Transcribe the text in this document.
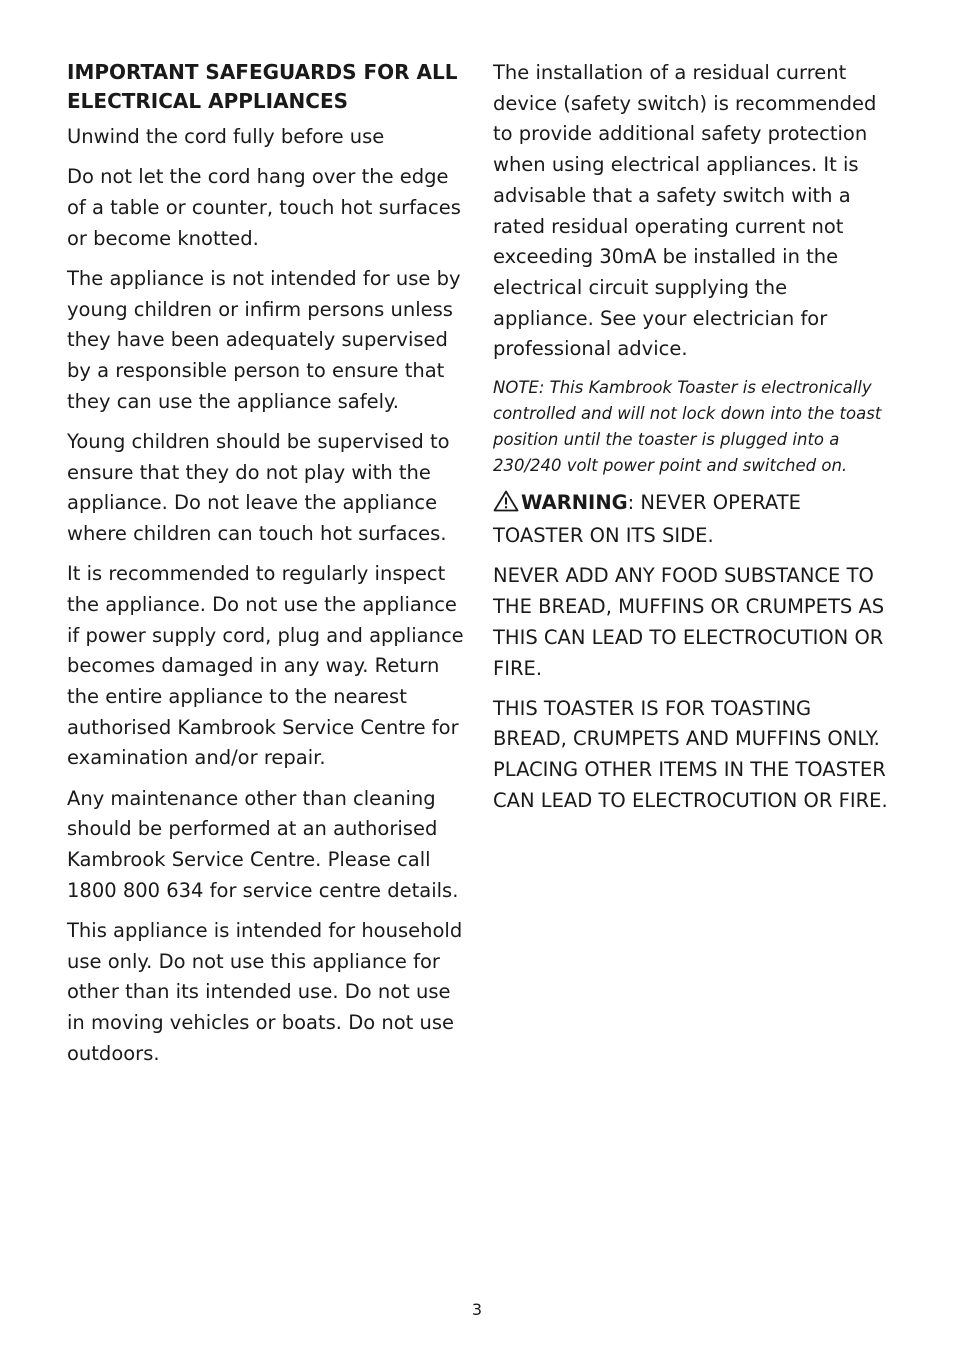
IMPORTANT SAFEGUARDS FOR ALL ELECTRICAL APPLIANCES

Unwind the cord fully before use

Do not let the cord hang over the edge of a table or counter, touch hot surfaces or become knotted.

The appliance is not intended for use by young children or infirm persons unless they have been adequately supervised by a responsible person to ensure that they can use the appliance safely.

Young children should be supervised to ensure that they do not play with the appliance. Do not leave the appliance where children can touch hot surfaces.

It is recommended to regularly inspect the appliance. Do not use the appliance if power supply cord, plug and appliance becomes damaged in any way. Return the entire appliance to the nearest authorised Kambrook Service Centre for examination and/or repair.

Any maintenance other than cleaning should be performed at an authorised Kambrook Service Centre. Please call 1800 800 634 for service centre details.

This appliance is intended for household use only. Do not use this appliance for other than its intended use. Do not use in moving vehicles or boats. Do not use outdoors.

The installation of a residual current device (safety switch) is recommended to provide additional safety protection when using electrical appliances. It is advisable that a safety switch with a rated residual operating current not exceeding 30mA be installed in the electrical circuit supplying the appliance. See your electrician for professional advice.

NOTE: This Kambrook Toaster is electronically controlled and will not lock down into the toast position until the toaster is plugged into a 230/240 volt power point and switched on.

WARNING: NEVER OPERATE TOASTER ON ITS SIDE.

NEVER ADD ANY FOOD SUBSTANCE TO THE BREAD, MUFFINS OR CRUMPETS AS THIS CAN LEAD TO ELECTROCUTION OR FIRE.

THIS TOASTER IS FOR TOASTING BREAD, CRUMPETS AND MUFFINS ONLY. PLACING OTHER ITEMS IN THE TOASTER CAN LEAD TO ELECTROCUTION OR FIRE.

3
